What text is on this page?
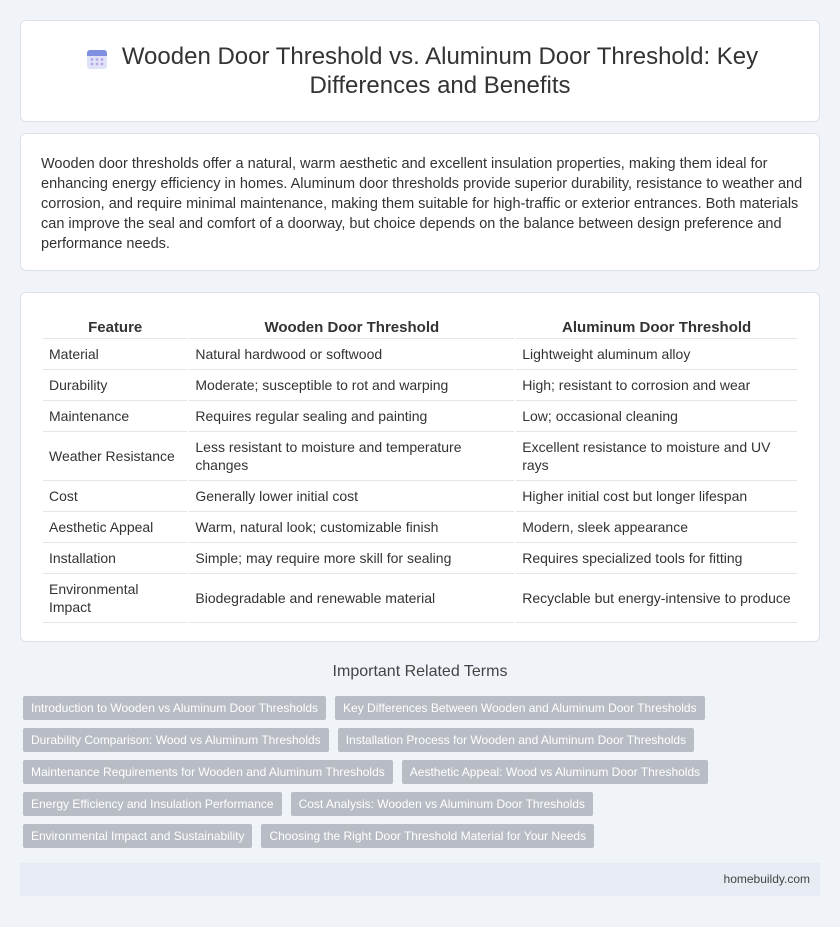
Wooden Door Threshold vs. Aluminum Door Threshold: Key Differences and Benefits

Wooden door thresholds offer a natural, warm aesthetic and excellent insulation properties, making them ideal for enhancing energy efficiency in homes. Aluminum door thresholds provide superior durability, resistance to weather and corrosion, and require minimal maintenance, making them suitable for high-traffic or exterior entrances. Both materials can improve the seal and comfort of a doorway, but choice depends on the balance between design preference and performance needs.

Feature	Wooden Door Threshold	Aluminum Door Threshold
Material	Natural hardwood or softwood	Lightweight aluminum alloy
Durability	Moderate; susceptible to rot and warping	High; resistant to corrosion and wear
Maintenance	Requires regular sealing and painting	Low; occasional cleaning
Weather Resistance	Less resistant to moisture and temperature changes	Excellent resistance to moisture and UV rays
Cost	Generally lower initial cost	Higher initial cost but longer lifespan
Aesthetic Appeal	Warm, natural look; customizable finish	Modern, sleek appearance
Installation	Simple; may require more skill for sealing	Requires specialized tools for fitting
Environmental Impact	Biodegradable and renewable material	Recyclable but energy-intensive to produce
Important Related Terms
Introduction to Wooden vs Aluminum Door Thresholds	Key Differences Between Wooden and Aluminum Door Thresholds
Durability Comparison: Wood vs Aluminum Thresholds	Installation Process for Wooden and Aluminum Door Thresholds
Maintenance Requirements for Wooden and Aluminum Thresholds	Aesthetic Appeal: Wood vs Aluminum Door Thresholds
Energy Efficiency and Insulation Performance	Cost Analysis: Wooden vs Aluminum Door Thresholds
Environmental Impact and Sustainability	Choosing the Right Door Threshold Material for Your Needs
homebuildy.com
